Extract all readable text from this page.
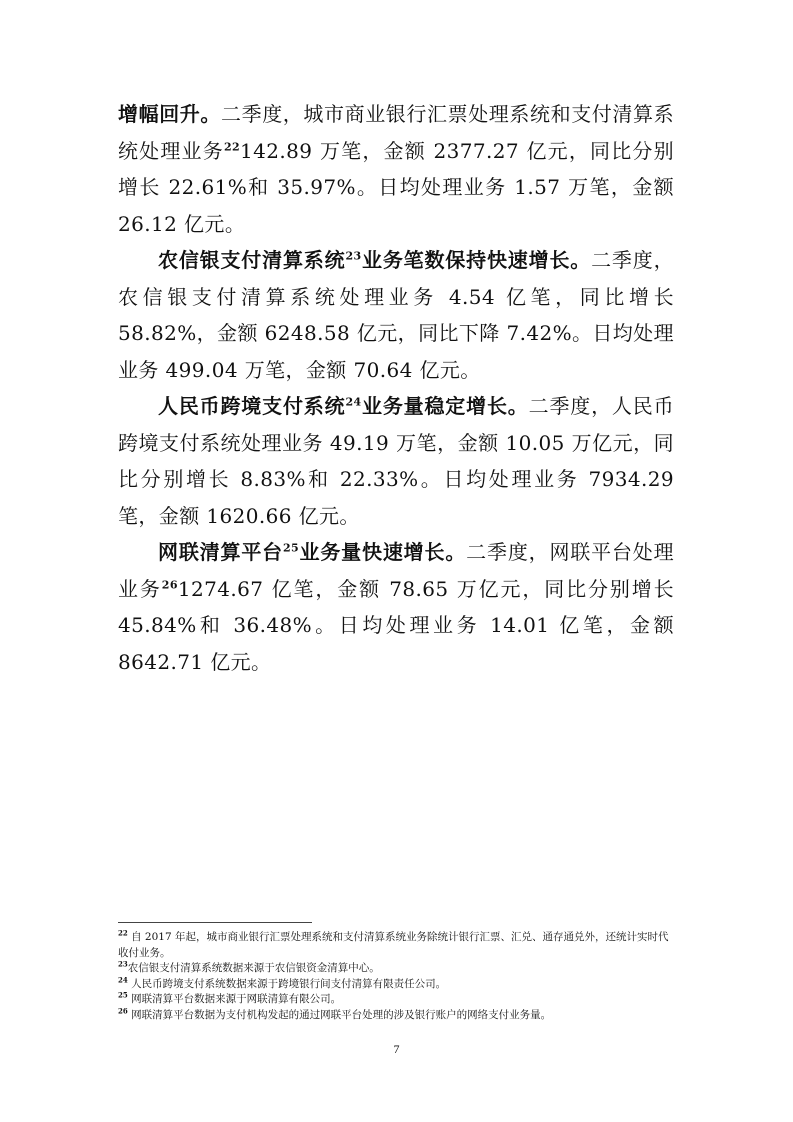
增幅回升。二季度，城市商业银行汇票处理系统和支付清算系统处理业务$^{22}$142.89 万笔，金额 2377.27 亿元，同比分别增长 22.61%和 35.97%。日均处理业务 1.57 万笔，金额 26.12 亿元。

农信银支付清算系统$^{23}$业务笔数保持快速增长。二季度，农信银支付清算系统处理业务 4.54 亿笔，同比增长 58.82%，金额 6248.58 亿元，同比下降 7.42%。日均处理业务 499.04 万笔，金额 70.64 亿元。

人民币跨境支付系统$^{24}$业务量稳定增长。二季度，人民币跨境支付系统处理业务 49.19 万笔，金额 10.05 万亿元，同比分别增长 8.83%和 22.33%。日均处理业务 7934.29 笔，金额 1620.66 亿元。

网联清算平台$^{25}$业务量快速增长。二季度，网联平台处理业务$^{26}$1274.67 亿笔，金额 78.65 万亿元，同比分别增长 45.84%和 36.48%。日均处理业务 14.01 亿笔，金额 8642.71 亿元。

$^{22}$ 自 2017 年起，城市商业银行汇票处理系统和支付清算系统业务除统计银行汇票、汇兑、通存通兑外，还统计实时代收付业务。

$^{23}$农信银支付清算系统数据来源于农信银资金清算中心。

$^{24}$ 人民币跨境支付系统数据来源于跨境银行间支付清算有限责任公司。

$^{25}$ 网联清算平台数据来源于网联清算有限公司。

$^{26}$ 网联清算平台数据为支付机构发起的通过网联平台处理的涉及银行账户的网络支付业务量。

7
